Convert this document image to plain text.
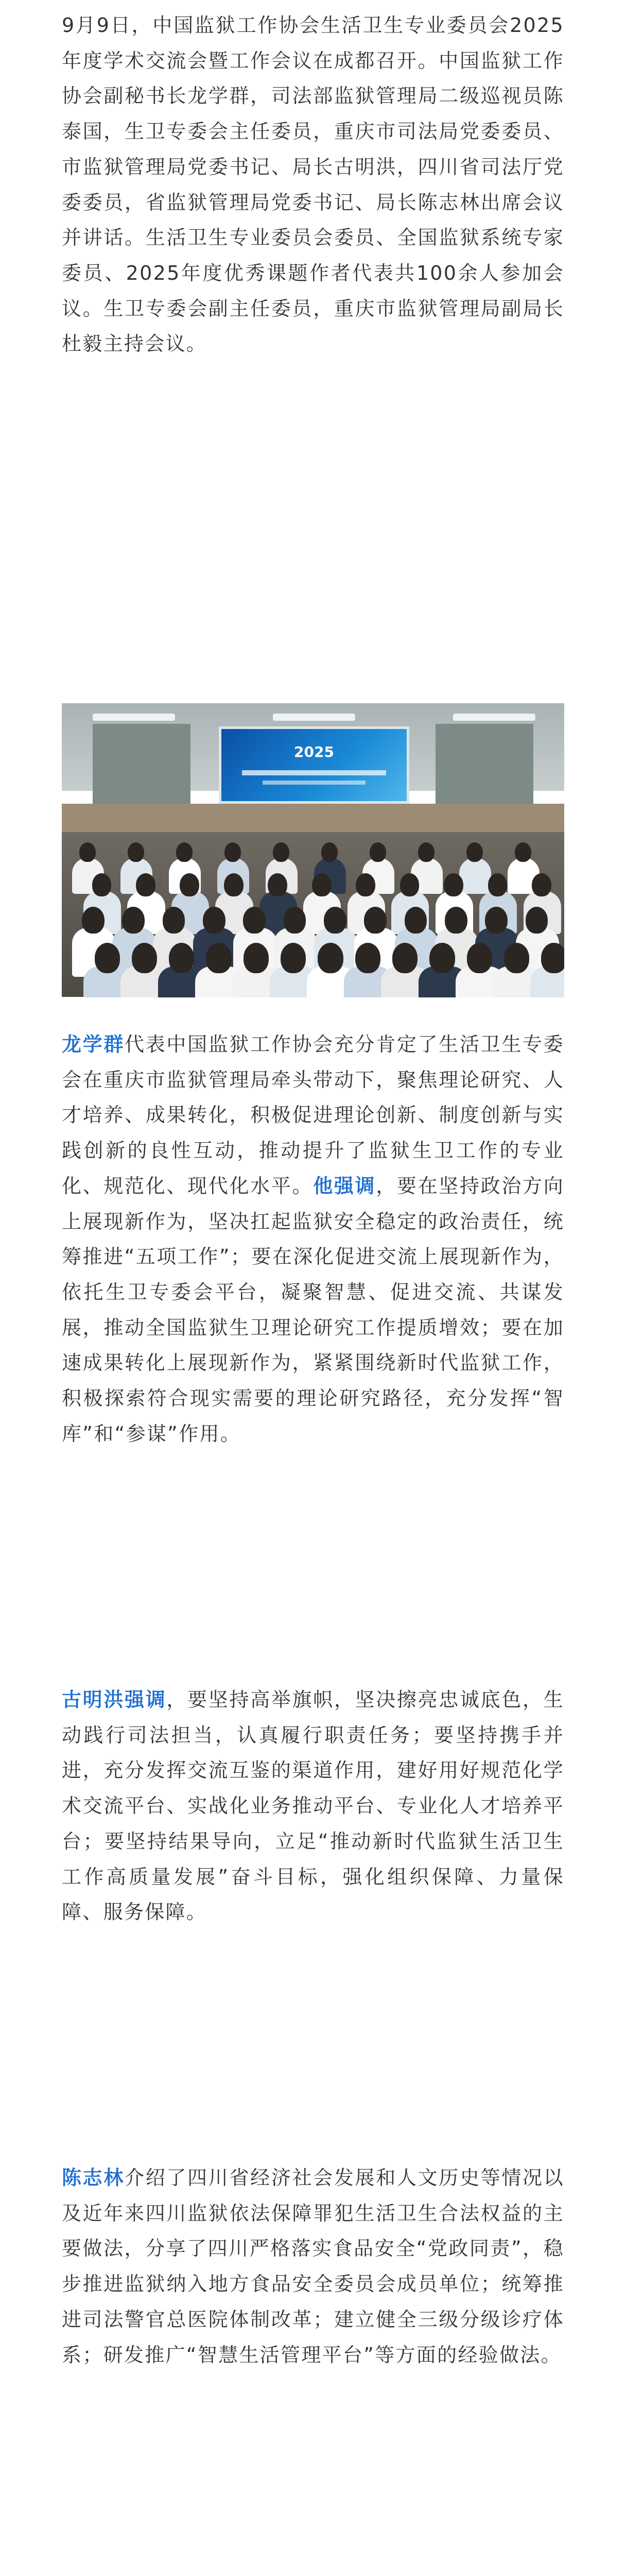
9月9日，中国监狱工作协会生活卫生专业委员会2025年度学术交流会暨工作会议在成都召开。中国监狱工作协会副秘书长龙学群，司法部监狱管理局二级巡视员陈泰国，生卫专委会主任委员，重庆市司法局党委委员、市监狱管理局党委书记、局长古明洪，四川省司法厅党委委员，省监狱管理局党委书记、局长陈志林出席会议并讲话。生活卫生专业委员会委员、全国监狱系统专家委员、2025年度优秀课题作者代表共100余人参加会议。生卫专委会副主任委员，重庆市监狱管理局副局长杜毅主持会议。

2025

龙学群代表中国监狱工作协会充分肯定了生活卫生专委会在重庆市监狱管理局牵头带动下，聚焦理论研究、人才培养、成果转化，积极促进理论创新、制度创新与实践创新的良性互动，推动提升了监狱生卫工作的专业化、规范化、现代化水平。他强调，要在坚持政治方向上展现新作为，坚决扛起监狱安全稳定的政治责任，统筹推进“五项工作”；要在深化促进交流上展现新作为，依托生卫专委会平台，凝聚智慧、促进交流、共谋发展，推动全国监狱生卫理论研究工作提质增效；要在加速成果转化上展现新作为，紧紧围绕新时代监狱工作，积极探索符合现实需要的理论研究路径，充分发挥“智库”和“参谋”作用。

古明洪强调，要坚持高举旗帜，坚决擦亮忠诚底色，生动践行司法担当，认真履行职责任务；要坚持携手并进，充分发挥交流互鉴的渠道作用，建好用好规范化学术交流平台、实战化业务推动平台、专业化人才培养平台；要坚持结果导向，立足“推动新时代监狱生活卫生工作高质量发展”奋斗目标，强化组织保障、力量保障、服务保障。

陈志林介绍了四川省经济社会发展和人文历史等情况以及近年来四川监狱依法保障罪犯生活卫生合法权益的主要做法，分享了四川严格落实食品安全“党政同责”，稳步推进监狱纳入地方食品安全委员会成员单位；统筹推进司法警官总医院体制改革；建立健全三级分级诊疗体系；研发推广“智慧生活管理平台”等方面的经验做法。
